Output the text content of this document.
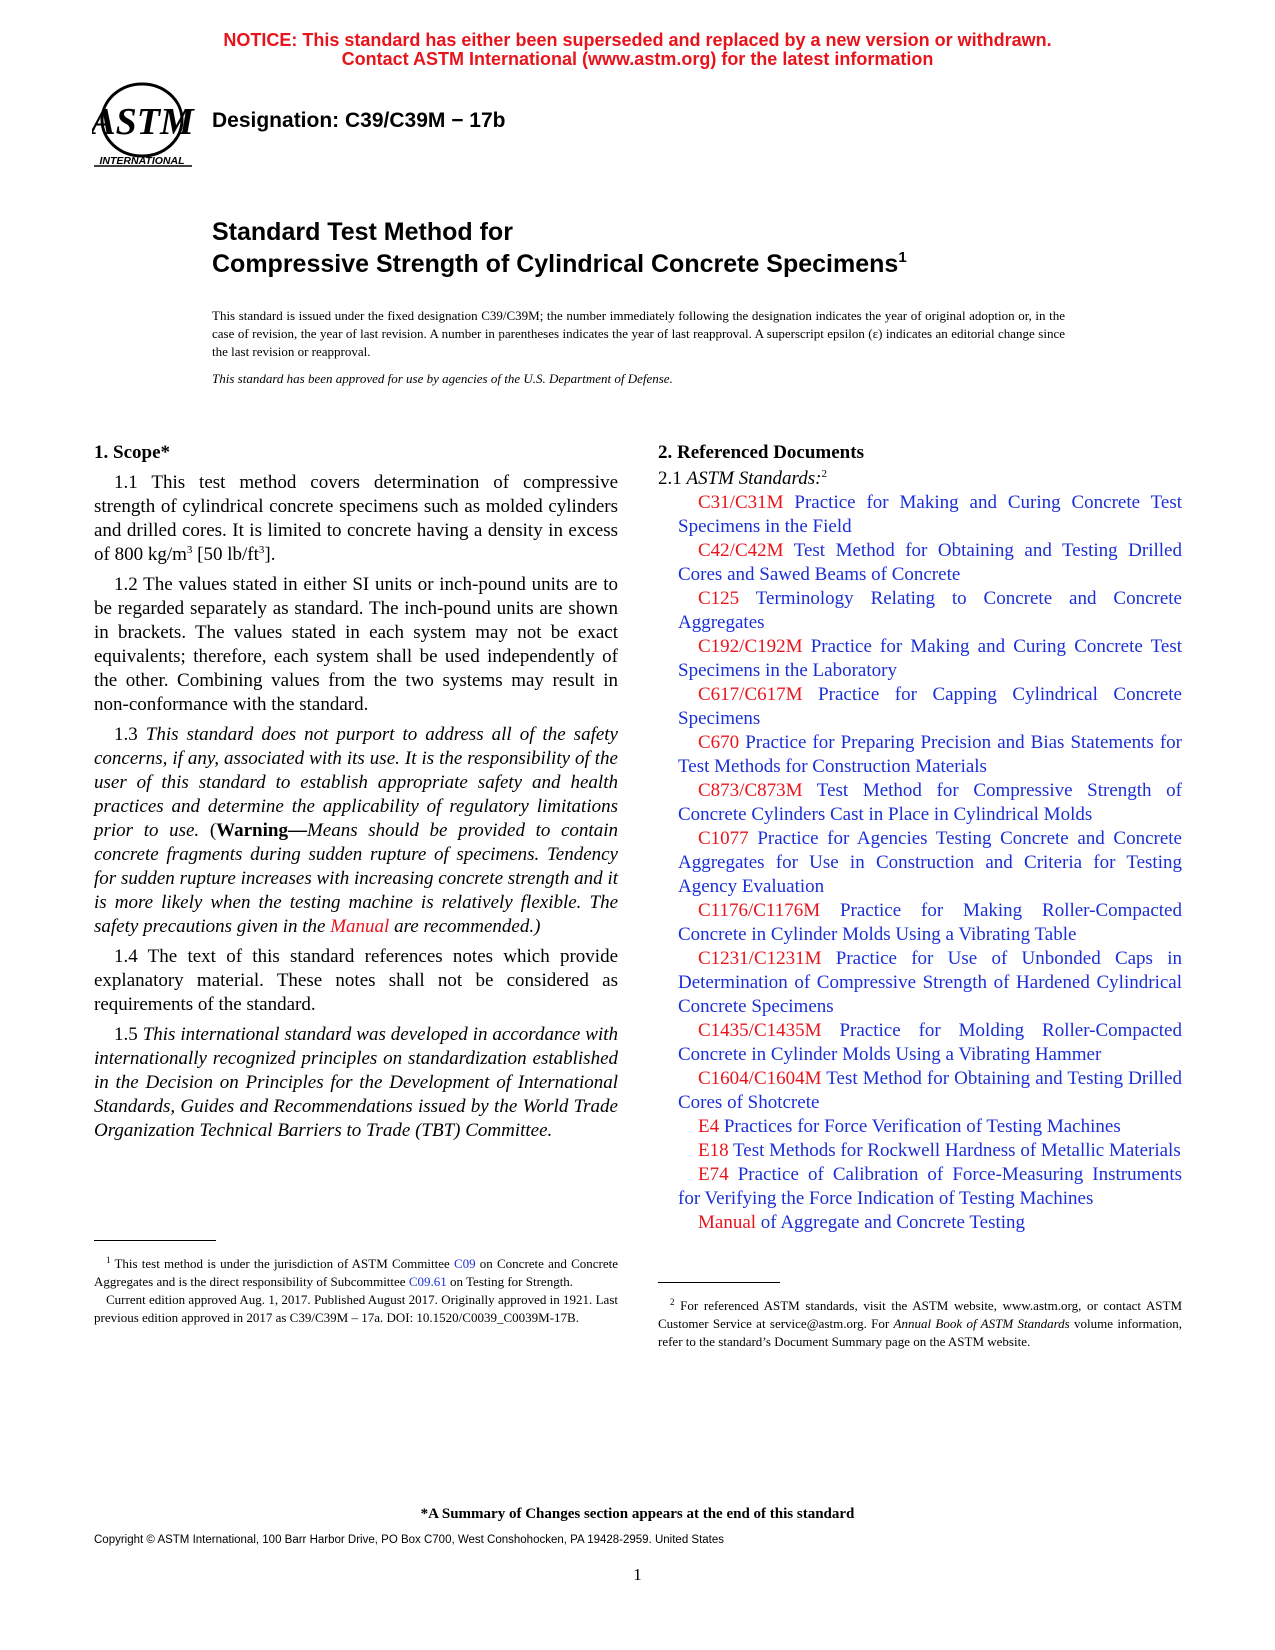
NOTICE: This standard has either been superseded and replaced by a new version or withdrawn.
Contact ASTM International (www.astm.org) for the latest information
ASTM
INTERNATIONAL
Designation: C39/C39M − 17b
Standard Test Method for
Compressive Strength of Cylindrical Concrete Specimens$^1$

This standard is issued under the fixed designation C39/C39M; the number immediately following the designation indicates the year of original adoption or, in the case of revision, the year of last revision. A number in parentheses indicates the year of last reapproval. A superscript epsilon (ε) indicates an editorial change since the last revision or reapproval.

This standard has been approved for use by agencies of the U.S. Department of Defense.

1. Scope*

1.1 This test method covers determination of compressive strength of cylindrical concrete specimens such as molded cylinders and drilled cores. It is limited to concrete having a density in excess of 800 $kg/m^3$ [50 $lb/ft^3$].

1.2 The values stated in either SI units or inch-pound units are to be regarded separately as standard. The inch-pound units are shown in brackets. The values stated in each system may not be exact equivalents; therefore, each system shall be used independently of the other. Combining values from the two systems may result in non-conformance with the standard.

1.3 This standard does not purport to address all of the safety concerns, if any, associated with its use. It is the responsibility of the user of this standard to establish appropriate safety and health practices and determine the applicability of regulatory limitations prior to use. (Warning—Means should be provided to contain concrete fragments during sudden rupture of specimens. Tendency for sudden rupture increases with increasing concrete strength and it is more likely when the testing machine is relatively flexible. The safety precautions given in the Manual are recommended.)

1.4 The text of this standard references notes which provide explanatory material. These notes shall not be considered as requirements of the standard.

1.5 This international standard was developed in accordance with internationally recognized principles on standardization established in the Decision on Principles for the Development of International Standards, Guides and Recommendations issued by the World Trade Organization Technical Barriers to Trade (TBT) Committee.

2. Referenced Documents

2.1 ASTM Standards:$^2$

C31/C31M Practice for Making and Curing Concrete Test Specimens in the Field

C42/C42M Test Method for Obtaining and Testing Drilled Cores and Sawed Beams of Concrete

C125 Terminology Relating to Concrete and Concrete Aggregates

C192/C192M Practice for Making and Curing Concrete Test Specimens in the Laboratory

C617/C617M Practice for Capping Cylindrical Concrete Specimens

C670 Practice for Preparing Precision and Bias Statements for Test Methods for Construction Materials

C873/C873M Test Method for Compressive Strength of Concrete Cylinders Cast in Place in Cylindrical Molds

C1077 Practice for Agencies Testing Concrete and Concrete Aggregates for Use in Construction and Criteria for Testing Agency Evaluation

C1176/C1176M Practice for Making Roller-Compacted Concrete in Cylinder Molds Using a Vibrating Table

C1231/C1231M Practice for Use of Unbonded Caps in Determination of Compressive Strength of Hardened Cylindrical Concrete Specimens

C1435/C1435M Practice for Molding Roller-Compacted Concrete in Cylinder Molds Using a Vibrating Hammer

C1604/C1604M Test Method for Obtaining and Testing Drilled Cores of Shotcrete

E4 Practices for Force Verification of Testing Machines

E18 Test Methods for Rockwell Hardness of Metallic Materials

E74 Practice of Calibration of Force-Measuring Instruments for Verifying the Force Indication of Testing Machines

Manual of Aggregate and Concrete Testing

$^1$ This test method is under the jurisdiction of ASTM Committee C09 on Concrete and Concrete Aggregates and is the direct responsibility of Subcommittee C09.61 on Testing for Strength.

Current edition approved Aug. 1, 2017. Published August 2017. Originally approved in 1921. Last previous edition approved in 2017 as C39/C39M – 17a. DOI: 10.1520/C0039_C0039M-17B.

$^2$ For referenced ASTM standards, visit the ASTM website, www.astm.org, or contact ASTM Customer Service at service@astm.org. For Annual Book of ASTM Standards volume information, refer to the standard’s Document Summary page on the ASTM website.

*A Summary of Changes section appears at the end of this standard
Copyright © ASTM International, 100 Barr Harbor Drive, PO Box C700, West Conshohocken, PA 19428-2959. United States
1
